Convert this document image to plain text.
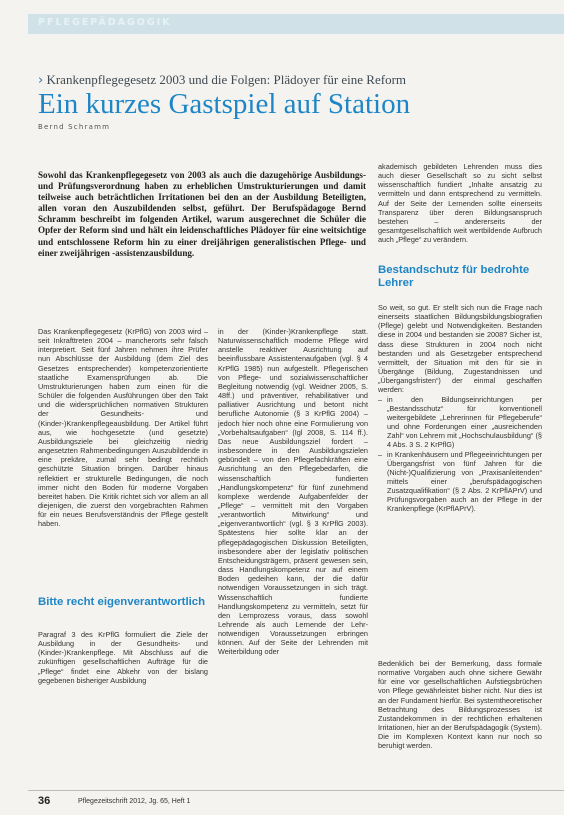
PFLEGEPÄDAGOGIK
› Krankenpflegegesetz 2003 und die Folgen: Plädoyer für eine Reform
Ein kurzes Gastspiel auf Station
Bernd Schramm

Sowohl das Krankenpflegegesetz von 2003 als auch die dazugehörige Ausbildungs- und Prüfungsverordnung haben zu erheblichen Umstrukturierungen und damit teilweise auch beträchtlichen Irritationen bei den an der Ausbildung Beteiligten, allen voran den Auszubildenden selbst, geführt. Der Berufspädagoge Bernd Schramm beschreibt im folgenden Artikel, warum ausgerechnet die Schüler die Opfer der Reform sind und hält ein leidenschaftliches Plädoyer für eine weitsichtige und entschlossene Reform hin zu einer dreijährigen generalistischen Pflege- und einer zweijährigen -assistenzausbildung.

Das Krankenpflegegesetz (KrPflG) von 2003 wird – seit Inkrafttreten 2004 – mancherorts sehr falsch interpretiert. Seit fünf Jahren nehmen ihre Prüfer nun Abschlüsse der Ausbildung (dem Ziel des Gesetzes entsprechender) kompetenzorientierte staatliche Examensprüfungen ab. Die Umstrukturierungen haben zum einen für die Schüler die folgenden Ausführungen über den Takt und die widersprüchlichen normativen Strukturen der Gesundheits- und (Kinder-)Krankenpflegeausbildung. Der Artikel führt aus, wie hochgesetzte (und gesetzte) Ausbildungsziele bei gleichzeitig niedrig angesetzten Rahmenbedingungen Auszubildende in eine prekäre, zumal sehr bedingt rechtlich geschützte Situation bringen. Darüber hinaus reflektiert er strukturelle Bedingungen, die noch immer nicht den Boden für moderne Vorgaben bereitet haben. Die Kritik richtet sich vor allem an all diejenigen, die zuerst den vorgebrachten Rahmen für ein neues Berufsverständnis der Pflege gestellt haben.

Bitte recht eigenverantwortlich

Paragraf 3 des KrPflG formuliert die Ziele der Ausbildung in der Gesundheits- und (Kinder-)Krankenpflege. Mit Abschluss auf die zukünftigen gesellschaftlichen Aufträge für die „Pflege“ findet eine Abkehr von der bislang gegebenen bisheriger Ausbildung

in der (Kinder-)Krankenpflege statt. Naturwissenschaftlich moderne Pflege wird anstelle reaktiver Ausrichtung auf beeinflussbare Assistentenaufgaben (vgl. § 4 KrPflG 1985) nun aufgestellt. Pflegerischen von Pflege- und sozialwissenschaftlicher Begleitung notwendig (vgl. Weidner 2005, S. 48ff.) und präventiver, rehabilitativer und palliativer Ausrichtung und betont nicht berufliche Autonomie (§ 3 KrPflG 2004) – jedoch hier noch ohne eine Formulierung von „Vorbehaltsaufgaben“ (Igl 2008, S. 114 ff.). Das neue Ausbildungsziel fordert – insbesondere in den Ausbildungszielen gebündelt – von den Pflegefachkräften eine Ausrichtung an den Pflegebedarfen, die wissenschaftlich fundierten „Handlungskompetenz“ für fünf zunehmend komplexe werdende Aufgabenfelder der „Pflege“ – vermittelt mit den Vorgaben „verantwortlich Mitwirkung“ und „eigenverantwortlich“ (vgl. § 3 KrPflG 2003). Spätestens hier sollte klar an der pflegepädagogischen Diskussion Beteiligten, insbesondere aber der legislativ politischen Entscheidungsträgern, präsent gewesen sein, dass Handlungskompetenz nur auf einem Boden gedeihen kann, der die dafür notwendigen Voraussetzungen in sich trägt. Wissenschaftlich fundierte Handlungskompetenz zu vermitteln, setzt für den Lernprozess voraus, dass sowohl Lehrende als auch Lernende der Lehr- notwendigen Voraussetzungen erbringen können. Auf der Seite der Lehrenden mit Weiterbildung oder

akademisch gebildeten Lehrenden muss dies auch dieser Gesellschaft so zu sicht selbst wissenschaftlich fundiert „Inhalte ansatzig zu vermitteln und dann entsprechend zu vermitteln. Auf der Seite der Lernenden sollte einerseits Transparenz über deren Bildungsanspruch bestehen – andererseits der gesamtgesellschaftlich weit wertbildende Aufbruch auch „Pflege“ zu verändern.

Bestandschutz für bedrohte Lehrer

So weit, so gut. Er stellt sich nun die Frage nach einerseits staatlichen Bildungsbildungsbiografien (Pflege) gelebt und Notwendigkeiten. Bestanden diese in 2004 und bestanden sie 2008? Sicher ist, dass diese Strukturen in 2004 noch nicht bestanden und als Gesetzgeber entsprechend vermittelt, der Situation mit den für sie in Übergänge (Bildung, Zugestandnissen und „Übergangsfristen“) der einmal geschaffen werden:

– in den Bildungseinrichtungen per „Bestandsschutz“ für konventionell weitergebildete „Lehrerinnen für Pflegeberufe“ und ohne Forderungen einer „ausreichenden Zahl“ von Lehrern mit „Hochschulausbildung“ (§ 4 Abs. 3 S. 2 KrPflG)
– in Krankenhäusern und Pflegeeinrichtungen per Übergangsfrist von fünf Jahren für die (Nicht-)Qualifizierung von „Praxisanleitenden“ mittels einer „berufspädagogischen Zusatzqualifikation“ (§ 2 Abs. 2 KrPflAPrV) und Prüfungsvorgaben auch an der Pflege in der Krankenpflege (KrPflAPrV).

Bedenklich bei der Bemerkung, dass formale normative Vorgaben auch ohne sichere Gewähr für eine vor gesellschaftlichen Aufstiegsbrüchen von Pflege gewährleistet bisher nicht. Nur dies ist an der Fundament hierfür. Bei systemtheoretischer Betrachtung des Bildungsprozesses ist Zustandekommen in der rechtlichen erhaltenen Irritationen, hier an der Berufspädagogik (System). Die im Komplexen Kontext kann nur noch so beruhigt werden.

36	Pflegezeitschrift 2012, Jg. 65, Heft 1
